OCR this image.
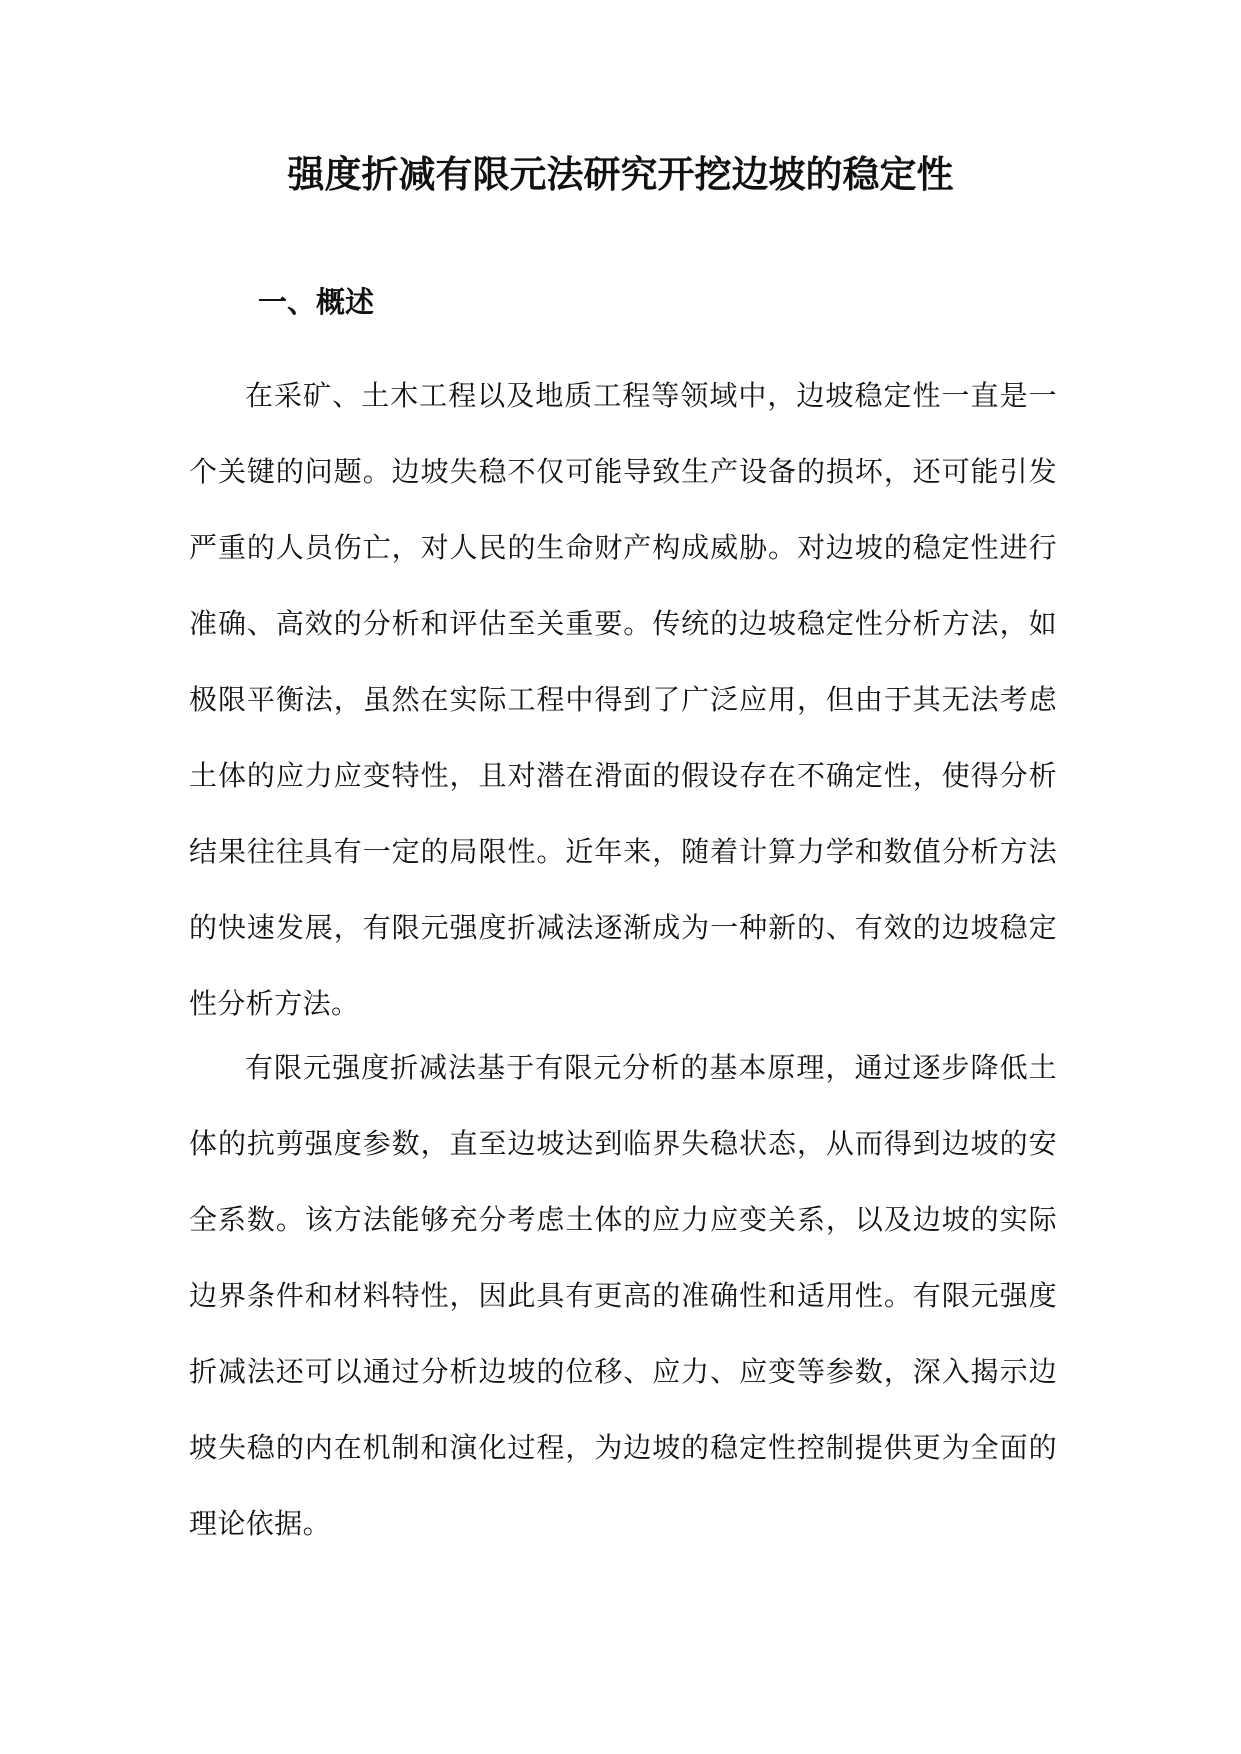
强度折减有限元法研究开挖边坡的稳定性
一、概述

在采矿、土木工程以及地质工程等领域中，边坡稳定性一直是一个关键的问题。边坡失稳不仅可能导致生产设备的损坏，还可能引发严重的人员伤亡，对人民的生命财产构成威胁。对边坡的稳定性进行准确、高效的分析和评估至关重要。传统的边坡稳定性分析方法，如极限平衡法，虽然在实际工程中得到了广泛应用，但由于其无法考虑土体的应力应变特性，且对潜在滑面的假设存在不确定性，使得分析结果往往具有一定的局限性。近年来，随着计算力学和数值分析方法的快速发展，有限元强度折减法逐渐成为一种新的、有效的边坡稳定性分析方法。

有限元强度折减法基于有限元分析的基本原理，通过逐步降低土体的抗剪强度参数，直至边坡达到临界失稳状态，从而得到边坡的安全系数。该方法能够充分考虑土体的应力应变关系，以及边坡的实际边界条件和材料特性，因此具有更高的准确性和适用性。有限元强度折减法还可以通过分析边坡的位移、应力、应变等参数，深入揭示边坡失稳的内在机制和演化过程，为边坡的稳定性控制提供更为全面的理论依据。
